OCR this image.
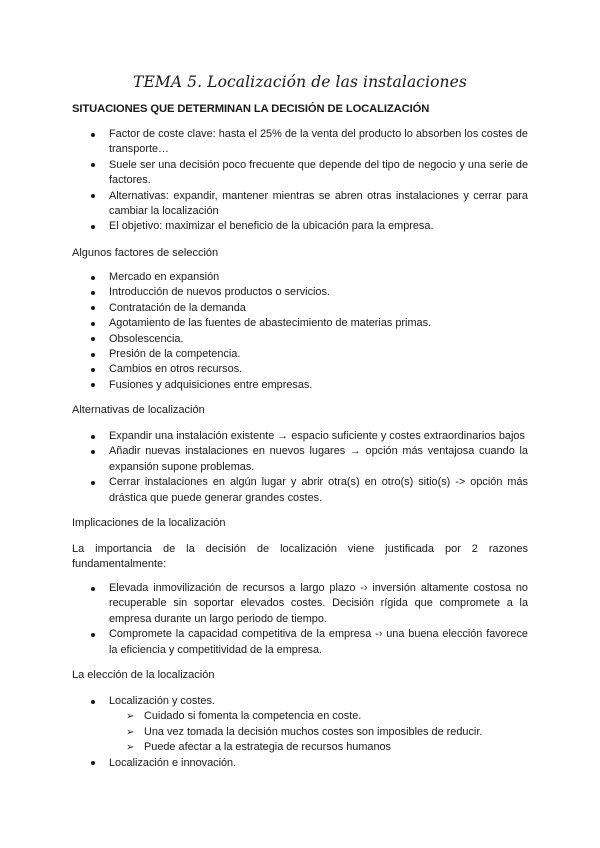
TEMA 5. Localización de las instalaciones
SITUACIONES QUE DETERMINAN LA DECISIÓN DE LOCALIZACIÓN
Factor de coste clave: hasta el 25% de la venta del producto lo absorben los costes de transporte…
Suele ser una decisión poco frecuente que depende del tipo de negocio y una serie de factores.
Alternativas: expandir, mantener mientras se abren otras instalaciones y cerrar para cambiar la localización
El objetivo: maximizar el beneficio de la ubicación para la empresa.
Algunos factores de selección
Mercado en expansión
Introducción de nuevos productos o servicios.
Contratación de la demanda
Agotamiento de las fuentes de abastecimiento de materias primas.
Obsolescencia.
Presión de la competencia.
Cambios en otros recursos.
Fusiones y adquisiciones entre empresas.
Alternativas de localización
Expandir una instalación existente → espacio suficiente y costes extraordinarios bajos
Añadir nuevas instalaciones en nuevos lugares → opción más ventajosa cuando la expansión supone problemas.
Cerrar instalaciones en algún lugar y abrir otra(s) en otro(s) sitio(s) -> opción más drástica que puede generar grandes costes.
Implicaciones de la localización
La importancia de la decisión de localización viene justificada por 2 razones fundamentalmente:
Elevada inmovilización de recursos a largo plazo -› inversión altamente costosa no recuperable sin soportar elevados costes. Decisión rígida que compromete a la empresa durante un largo periodo de tiempo.
Compromete la capacidad competitiva de la empresa -› una buena elección favorece la eficiencia y competitividad de la empresa.
La elección de la localización
Localización y costes.
➢ Cuidado si fomenta la competencia en coste.
➢ Una vez tomada la decisión muchos costes son imposibles de reducir.
➢ Puede afectar a la estrategia de recursos humanos
Localización e innovación.
